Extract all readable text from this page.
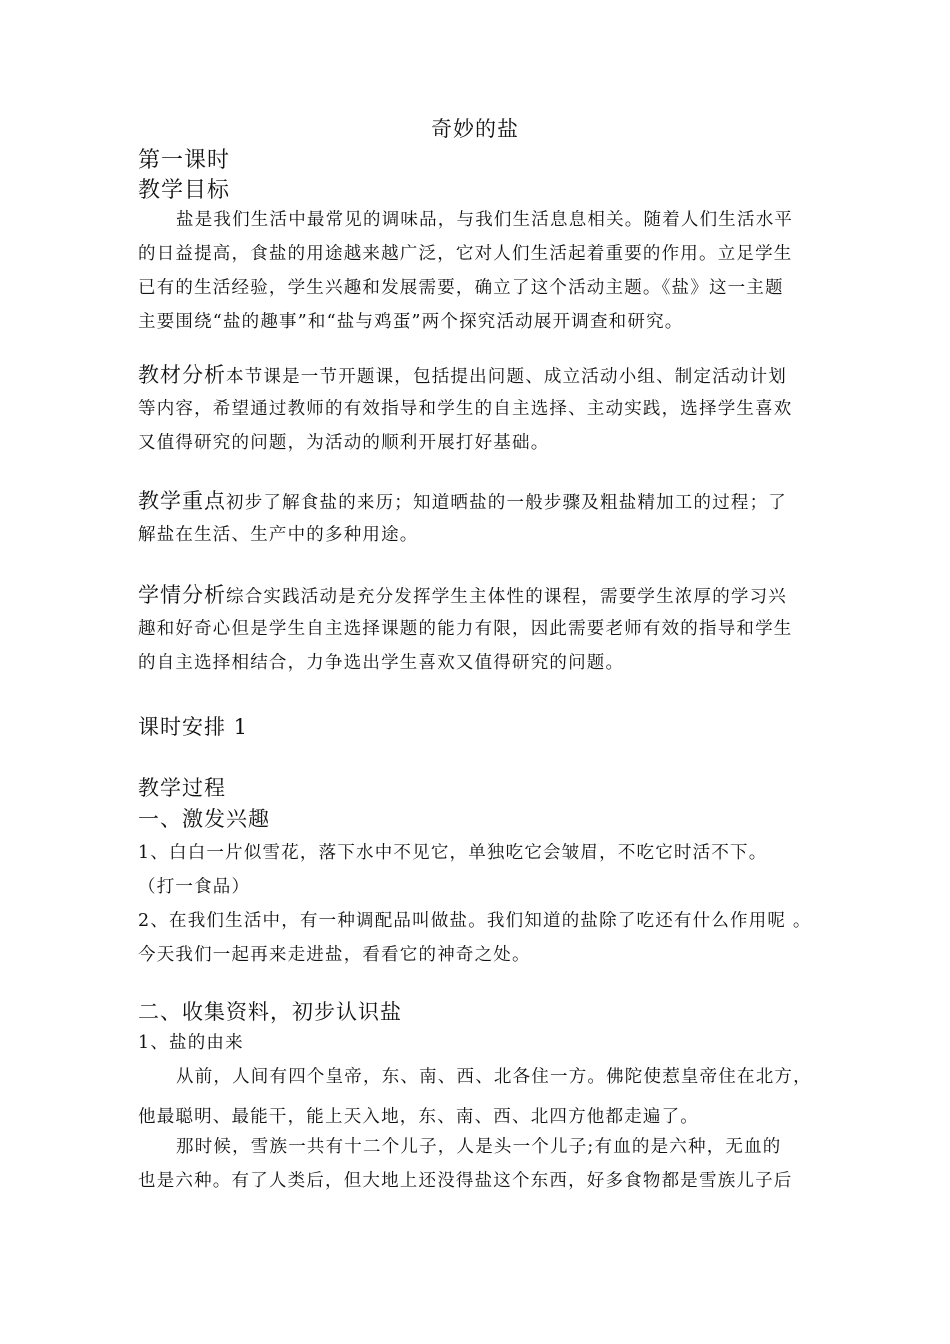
奇妙的盐
第一课时
教学目标
盐是我们生活中最常见的调味品，与我们生活息息相关。随着人们生活水平
的日益提高，食盐的用途越来越广泛，它对人们生活起着重要的作用。立足学生
已有的生活经验，学生兴趣和发展需要，确立了这个活动主题。《盐》这一主题
主要围绕“盐的趣事”和“盐与鸡蛋”两个探究活动展开调查和研究。
教材分析本节课是一节开题课，包括提出问题、成立活动小组、制定活动计划
等内容，希望通过教师的有效指导和学生的自主选择、主动实践，选择学生喜欢
又值得研究的问题，为活动的顺利开展打好基础。
教学重点初步了解食盐的来历；知道晒盐的一般步骤及粗盐精加工的过程；了
解盐在生活、生产中的多种用途。
学情分析综合实践活动是充分发挥学生主体性的课程，需要学生浓厚的学习兴
趣和好奇心但是学生自主选择课题的能力有限，因此需要老师有效的指导和学生
的自主选择相结合，力争选出学生喜欢又值得研究的问题。
课时安排 1
教学过程
一、激发兴趣
1、白白一片似雪花，落下水中不见它，单独吃它会皱眉，不吃它时活不下。
（打一食品）
2、在我们生活中，有一种调配品叫做盐。我们知道的盐除了吃还有什么作用呢 。
今天我们一起再来走进盐，看看它的神奇之处。
二、收集资料，初步认识盐
1、盐的由来
从前，人间有四个皇帝，东、南、西、北各住一方。佛陀使惹皇帝住在北方，
他最聪明、最能干，能上天入地，东、南、西、北四方他都走遍了。
那时候，雪族一共有十二个儿子，人是头一个儿子;有血的是六种，无血的
也是六种。有了人类后，但大地上还没得盐这个东西，好多食物都是雪族儿子后
